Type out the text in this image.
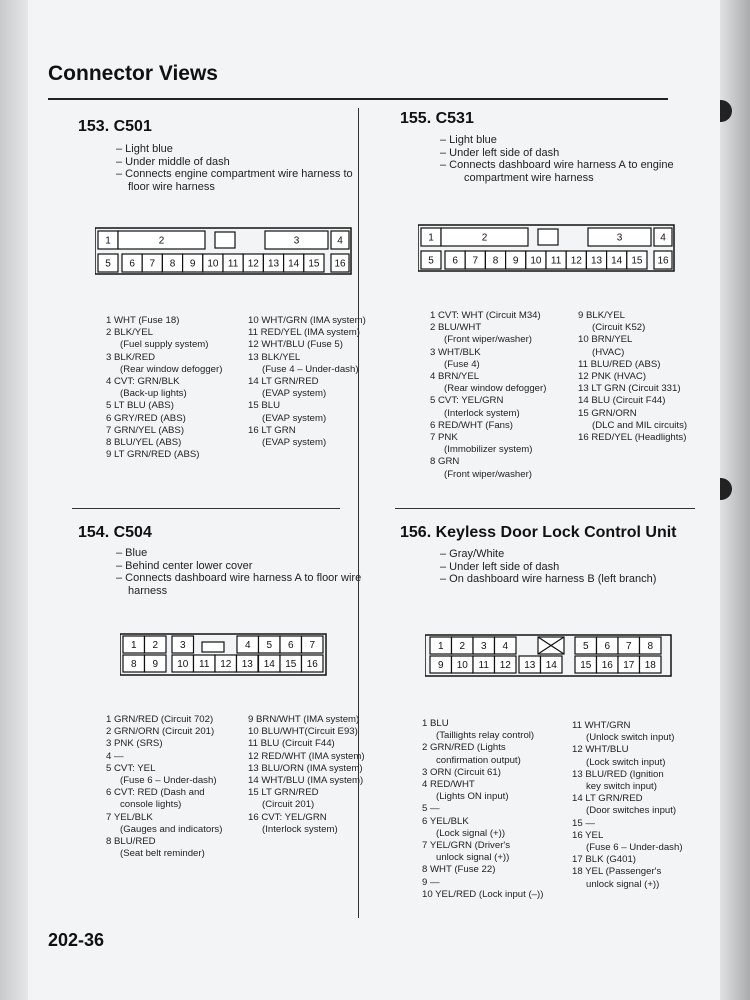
Connector Views
153. C501
– Light blue
– Under middle of dash
– Connects engine compartment wire harness to
floor wire harness
1	2	3	4
5 6 7 8 9 10 11 12 13 14 15 16
1 WHT (Fuse 18)
2 BLK/YEL
(Fuel supply system)
3 BLK/RED
(Rear window defogger)
4 CVT: GRN/BLK
(Back-up lights)
5 LT BLU (ABS)
6 GRY/RED (ABS)
7 GRN/YEL (ABS)
8 BLU/YEL (ABS)
9 LT GRN/RED (ABS)
10 WHT/GRN (IMA system)
11 RED/YEL (IMA system)
12 WHT/BLU (Fuse 5)
13 BLK/YEL
(Fuse 4 – Under-dash)
14 LT GRN/RED
(EVAP system)
15 BLU
(EVAP system)
16 LT GRN
(EVAP system)
155. C531
– Light blue
– Under left side of dash
– Connects dashboard wire harness A to engine
compartment wire harness
1	2	3	4
5 6 7 8 9 10 11 12 13 14 15 16
1 CVT: WHT (Circuit M34)
2 BLU/WHT
(Front wiper/washer)
3 WHT/BLK
(Fuse 4)
4 BRN/YEL
(Rear window defogger)
5 CVT: YEL/GRN
(Interlock system)
6 RED/WHT (Fans)
7 PNK
(Immobilizer system)
8 GRN
(Front wiper/washer)
9 BLK/YEL
(Circuit K52)
10 BRN/YEL
(HVAC)
11 BLU/RED (ABS)
12 PNK (HVAC)
13 LT GRN (Circuit 331)
14 BLU (Circuit F44)
15 GRN/ORN
(DLC and MIL circuits)
16 RED/YEL (Headlights)
154. C504
– Blue
– Behind center lower cover
– Connects dashboard wire harness A to floor wire
harness
1 2 3	4 5 6 7
8 9 10 11 12 13 14 15 16
1 GRN/RED (Circuit 702)
2 GRN/ORN (Circuit 201)
3 PNK (SRS)
4 —
5 CVT: YEL
(Fuse 6 – Under-dash)
6 CVT: RED (Dash and
console lights)
7 YEL/BLK
(Gauges and indicators)
8 BLU/RED
(Seat belt reminder)
9 BRN/WHT (IMA system)
10 BLU/WHT(Circuit E93)
11 BLU (Circuit F44)
12 RED/WHT (IMA system)
13 BLU/ORN (IMA system)
14 WHT/BLU (IMA system)
15 LT GRN/RED
(Circuit 201)
16 CVT: YEL/GRN
(Interlock system)
156. Keyless Door Lock Control Unit
– Gray/White
– Under left side of dash
– On dashboard wire harness B (left branch)
1 2 3 4	5 6 7 8
9 10 11 12 13 14 15 16 17 18
1 BLU
(Taillights relay control)
2 GRN/RED (Lights
confirmation output)
3 ORN (Circuit 61)
4 RED/WHT
(Lights ON input)
5 —
6 YEL/BLK
(Lock signal (+))
7 YEL/GRN (Driver's
unlock signal (+))
8 WHT (Fuse 22)
9 —
10 YEL/RED (Lock input (–))
11 WHT/GRN
(Unlock switch input)
12 WHT/BLU
(Lock switch input)
13 BLU/RED (Ignition
key switch input)
14 LT GRN/RED
(Door switches input)
15 —
16 YEL
(Fuse 6 – Under-dash)
17 BLK (G401)
18 YEL (Passenger's
unlock signal (+))
202-36
